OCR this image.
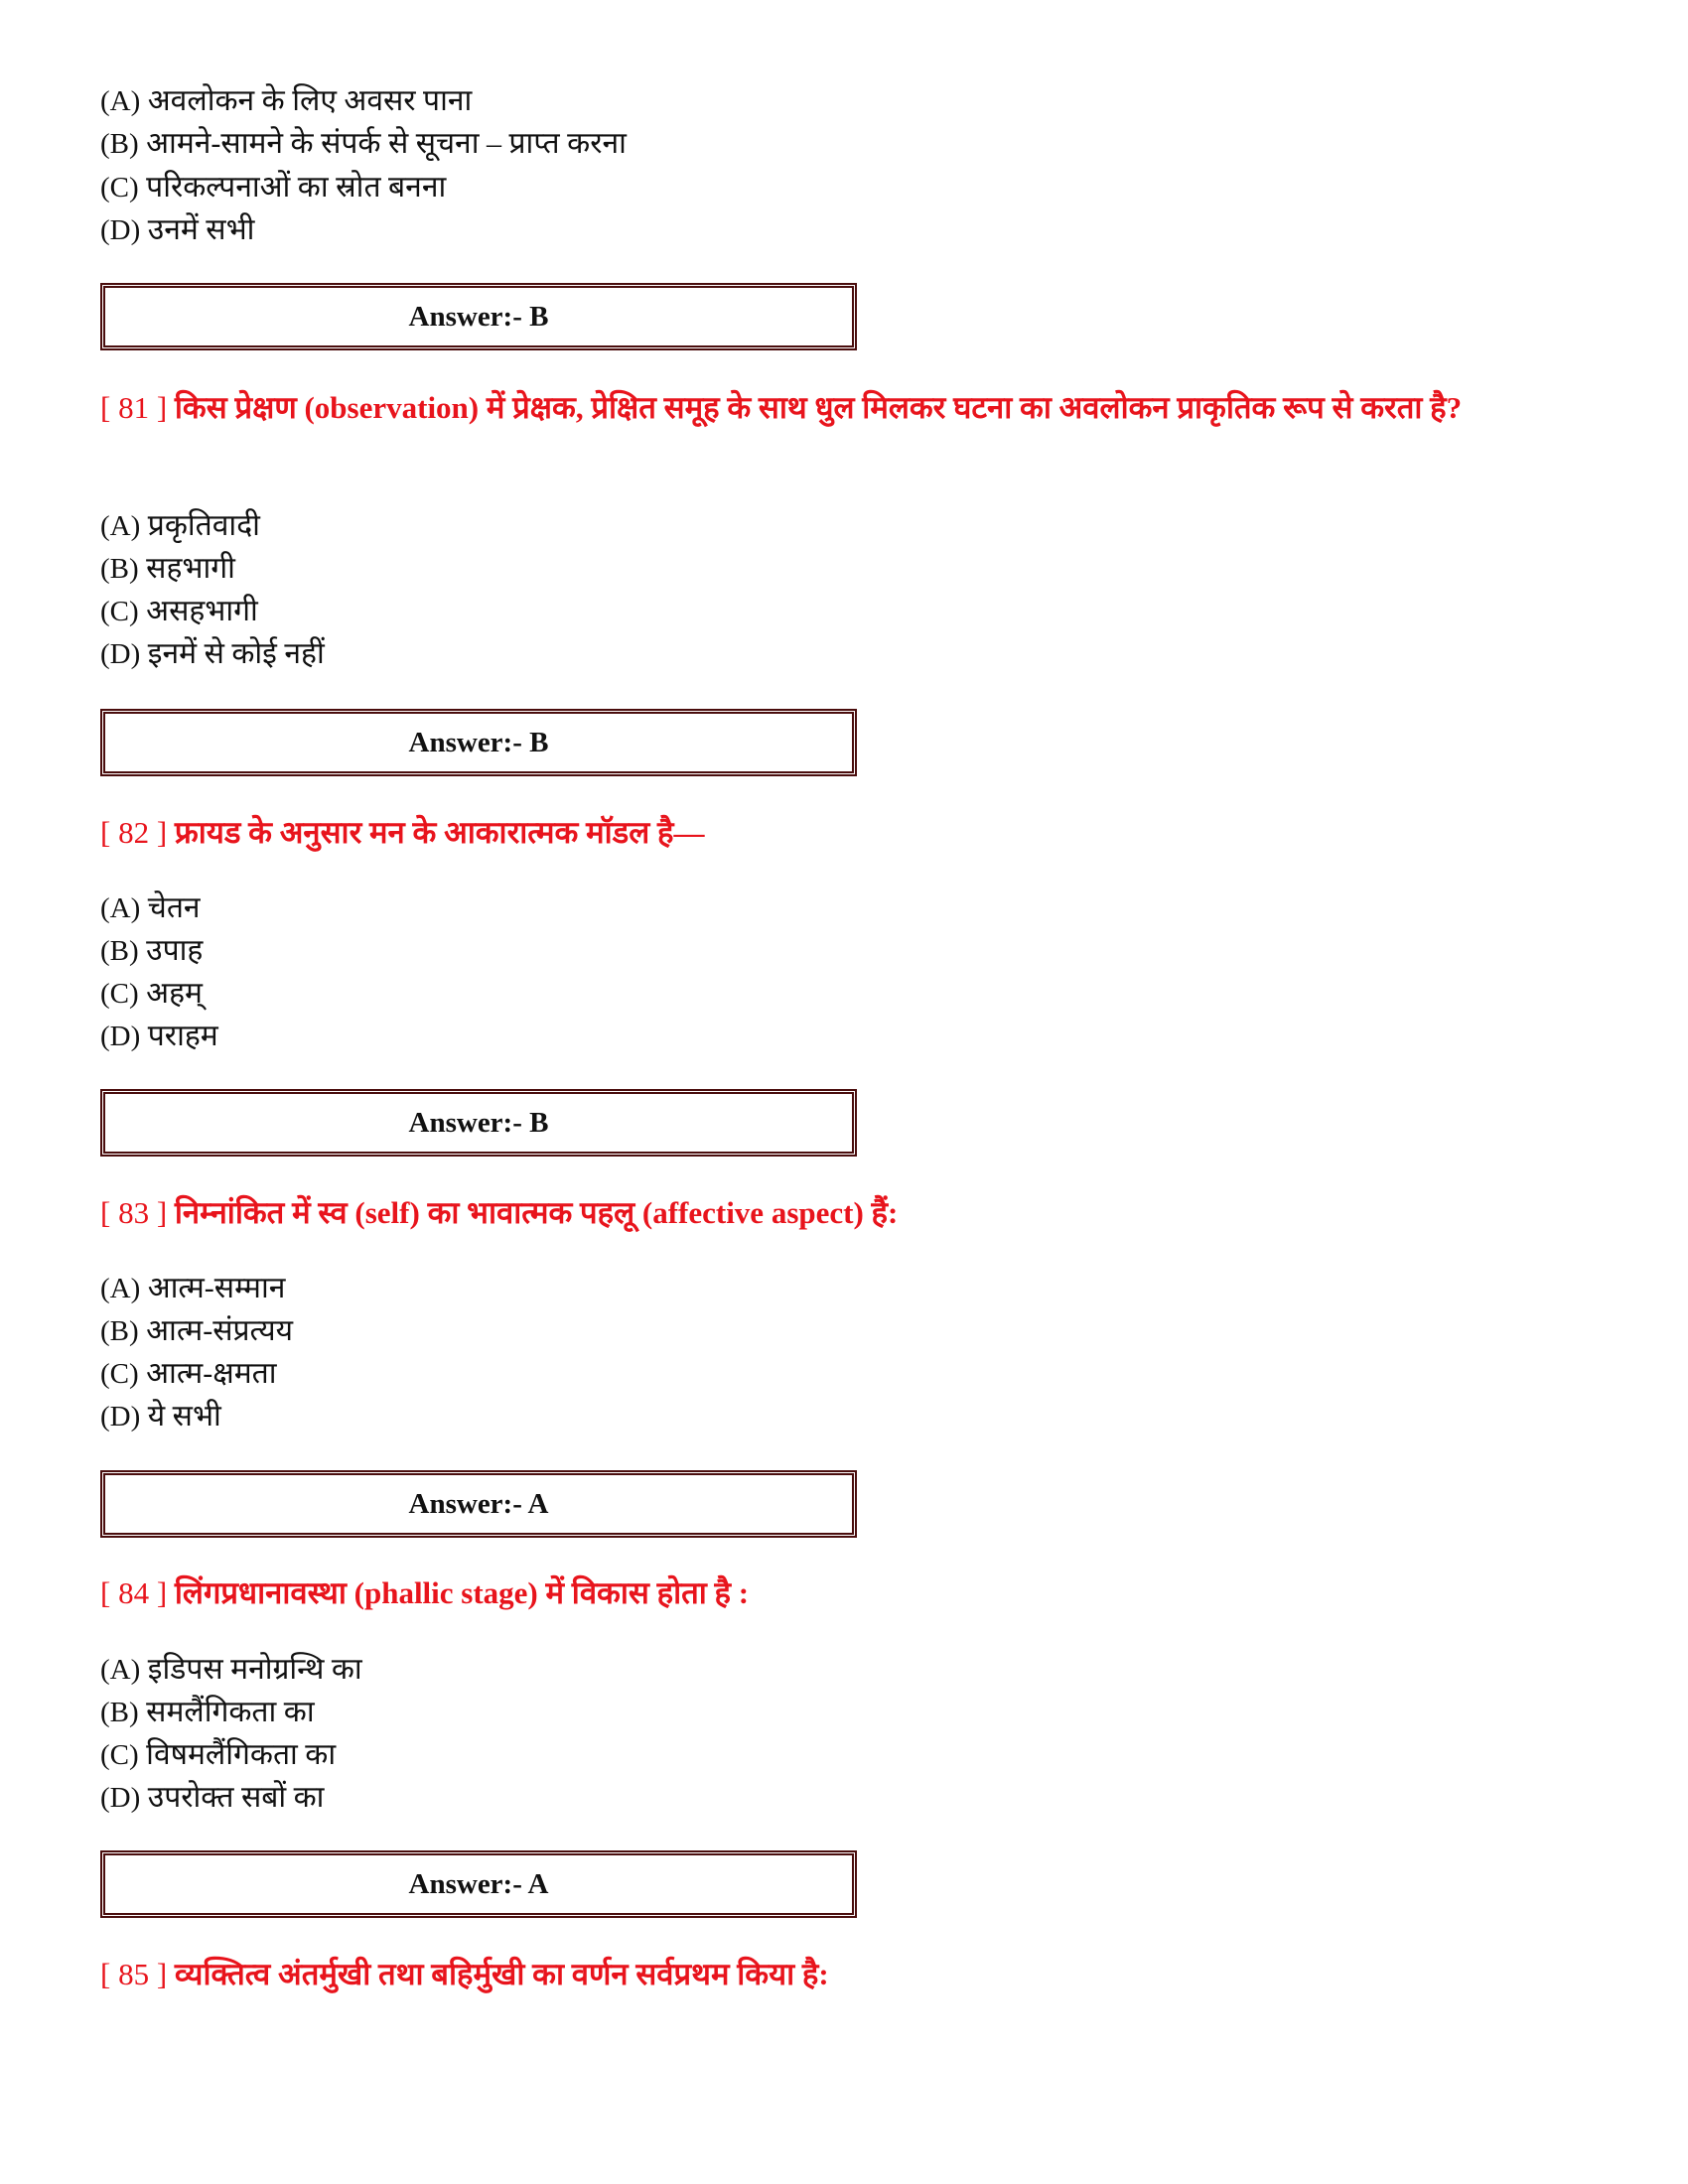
(A) अवलोकन के लिए अवसर पाना
(B) आमने-सामने के संपर्क से सूचना – प्राप्त करना
(C) परिकल्पनाओं का स्रोत बनना
(D) उनमें सभी
Answer:- B
[ 81 ] किस प्रेक्षण (observation) में प्रेक्षक, प्रेक्षित समूह के साथ धुल मिलकर घटना का अवलोकन प्राकृतिक रूप से करता है?
(A) प्रकृतिवादी
(B) सहभागी
(C) असहभागी
(D) इनमें से कोई नहीं
Answer:- B
[ 82 ] फ्रायड के अनुसार मन के आकारात्मक मॉडल है—
(A) चेतन
(B) उपाह
(C) अहम्
(D) पराहम
Answer:- B
[ 83 ] निम्नांकित में स्व (self) का भावात्मक पहलू (affective aspect) हैं:
(A) आत्म-सम्मान
(B) आत्म-संप्रत्यय
(C) आत्म-क्षमता
(D) ये सभी
Answer:- A
[ 84 ] लिंगप्रधानावस्था (phallic stage) में विकास होता है :
(A) इडिपस मनोग्रन्थि का
(B) समलैंगिकता का
(C) विषमलैंगिकता का
(D) उपरोक्त सबों का
Answer:- A
[ 85 ] व्यक्तित्व अंतर्मुखी तथा बहिर्मुखी का वर्णन सर्वप्रथम किया है:
